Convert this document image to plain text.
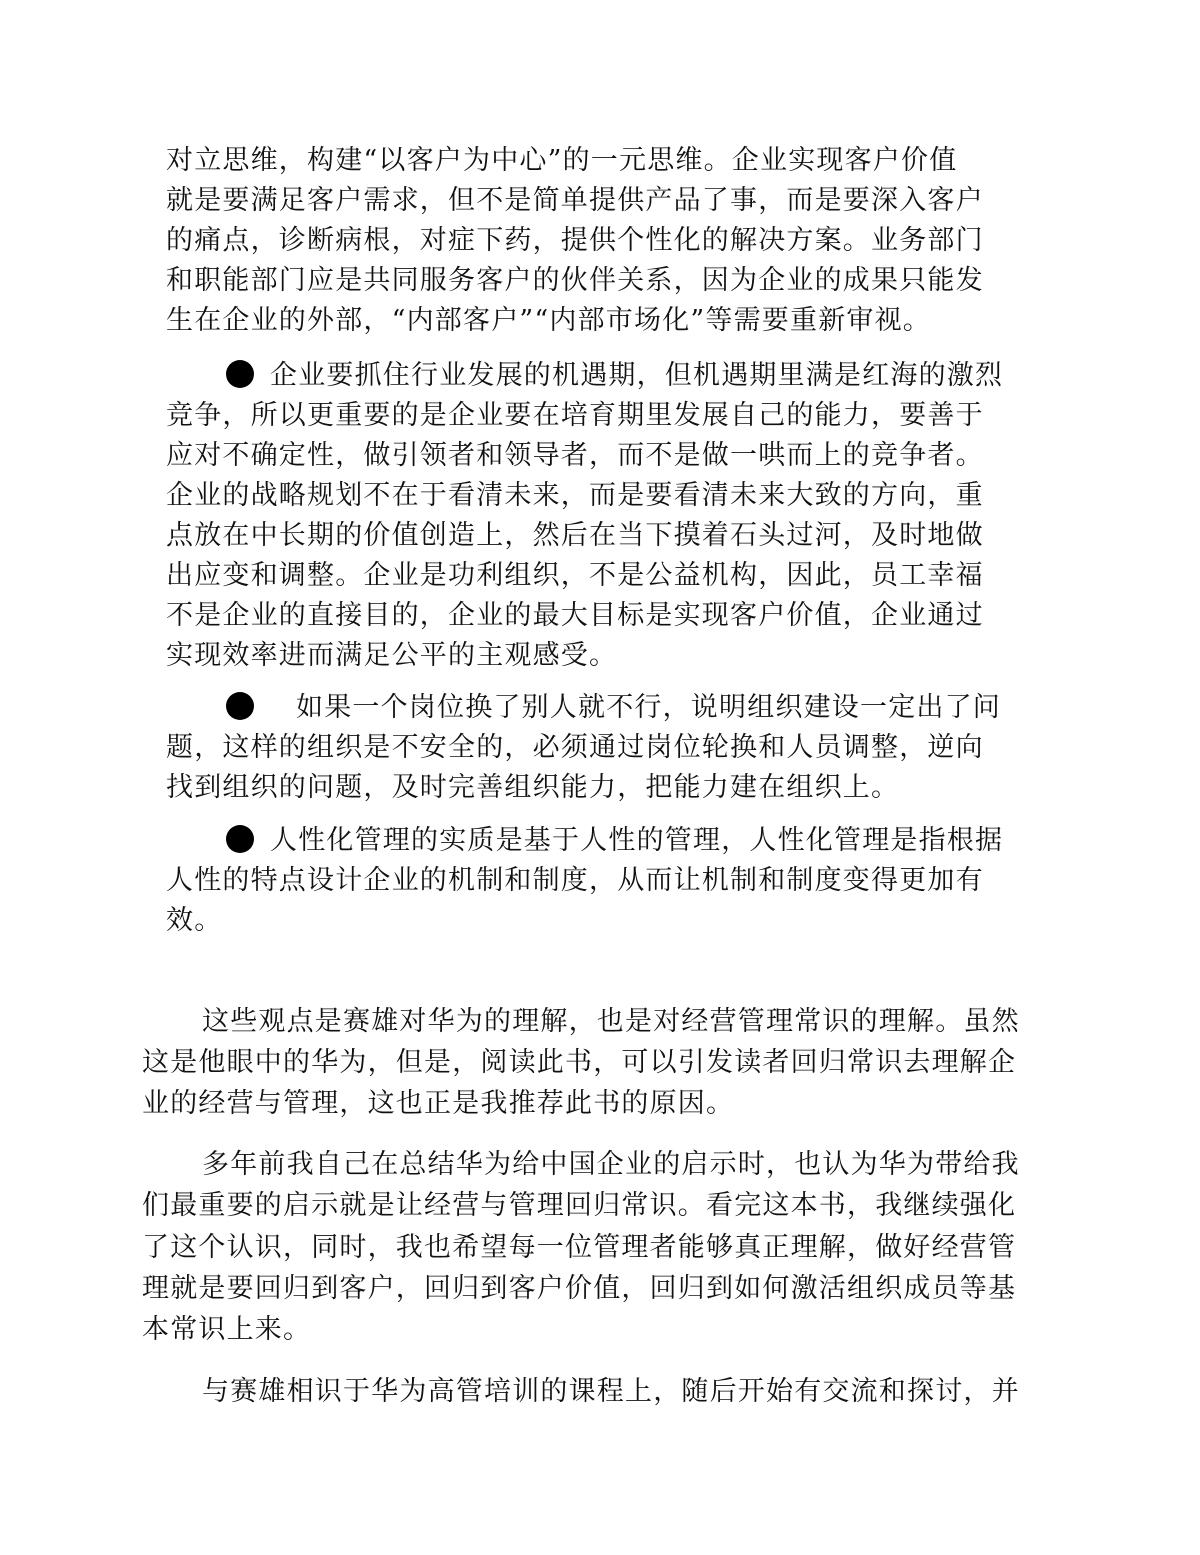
对立思维，构建“以客户为中心”的一元思维。企业实现客户价值
就是要满足客户需求，但不是简单提供产品了事，而是要深入客户
的痛点，诊断病根，对症下药，提供个性化的解决方案。业务部门
和职能部门应是共同服务客户的伙伴关系，因为企业的成果只能发
生在企业的外部，“内部客户”“内部市场化”等需要重新审视。
企业要抓住行业发展的机遇期，但机遇期里满是红海的激烈
竞争，所以更重要的是企业要在培育期里发展自己的能力，要善于
应对不确定性，做引领者和领导者，而不是做一哄而上的竞争者。
企业的战略规划不在于看清未来，而是要看清未来大致的方向，重
点放在中长期的价值创造上，然后在当下摸着石头过河，及时地做
出应变和调整。企业是功利组织，不是公益机构，因此，员工幸福
不是企业的直接目的，企业的最大目标是实现客户价值，企业通过
实现效率进而满足公平的主观感受。
如果一个岗位换了别人就不行，说明组织建设一定出了问
题，这样的组织是不安全的，必须通过岗位轮换和人员调整，逆向
找到组织的问题，及时完善组织能力，把能力建在组织上。
人性化管理的实质是基于人性的管理，人性化管理是指根据
人性的特点设计企业的机制和制度，从而让机制和制度变得更加有
效。
这些观点是赛雄对华为的理解，也是对经营管理常识的理解。虽然
这是他眼中的华为，但是，阅读此书，可以引发读者回归常识去理解企
业的经营与管理，这也正是我推荐此书的原因。
多年前我自己在总结华为给中国企业的启示时，也认为华为带给我
们最重要的启示就是让经营与管理回归常识。看完这本书，我继续强化
了这个认识，同时，我也希望每一位管理者能够真正理解，做好经营管
理就是要回归到客户，回归到客户价值，回归到如何激活组织成员等基
本常识上来。
与赛雄相识于华为高管培训的课程上，随后开始有交流和探讨，并
